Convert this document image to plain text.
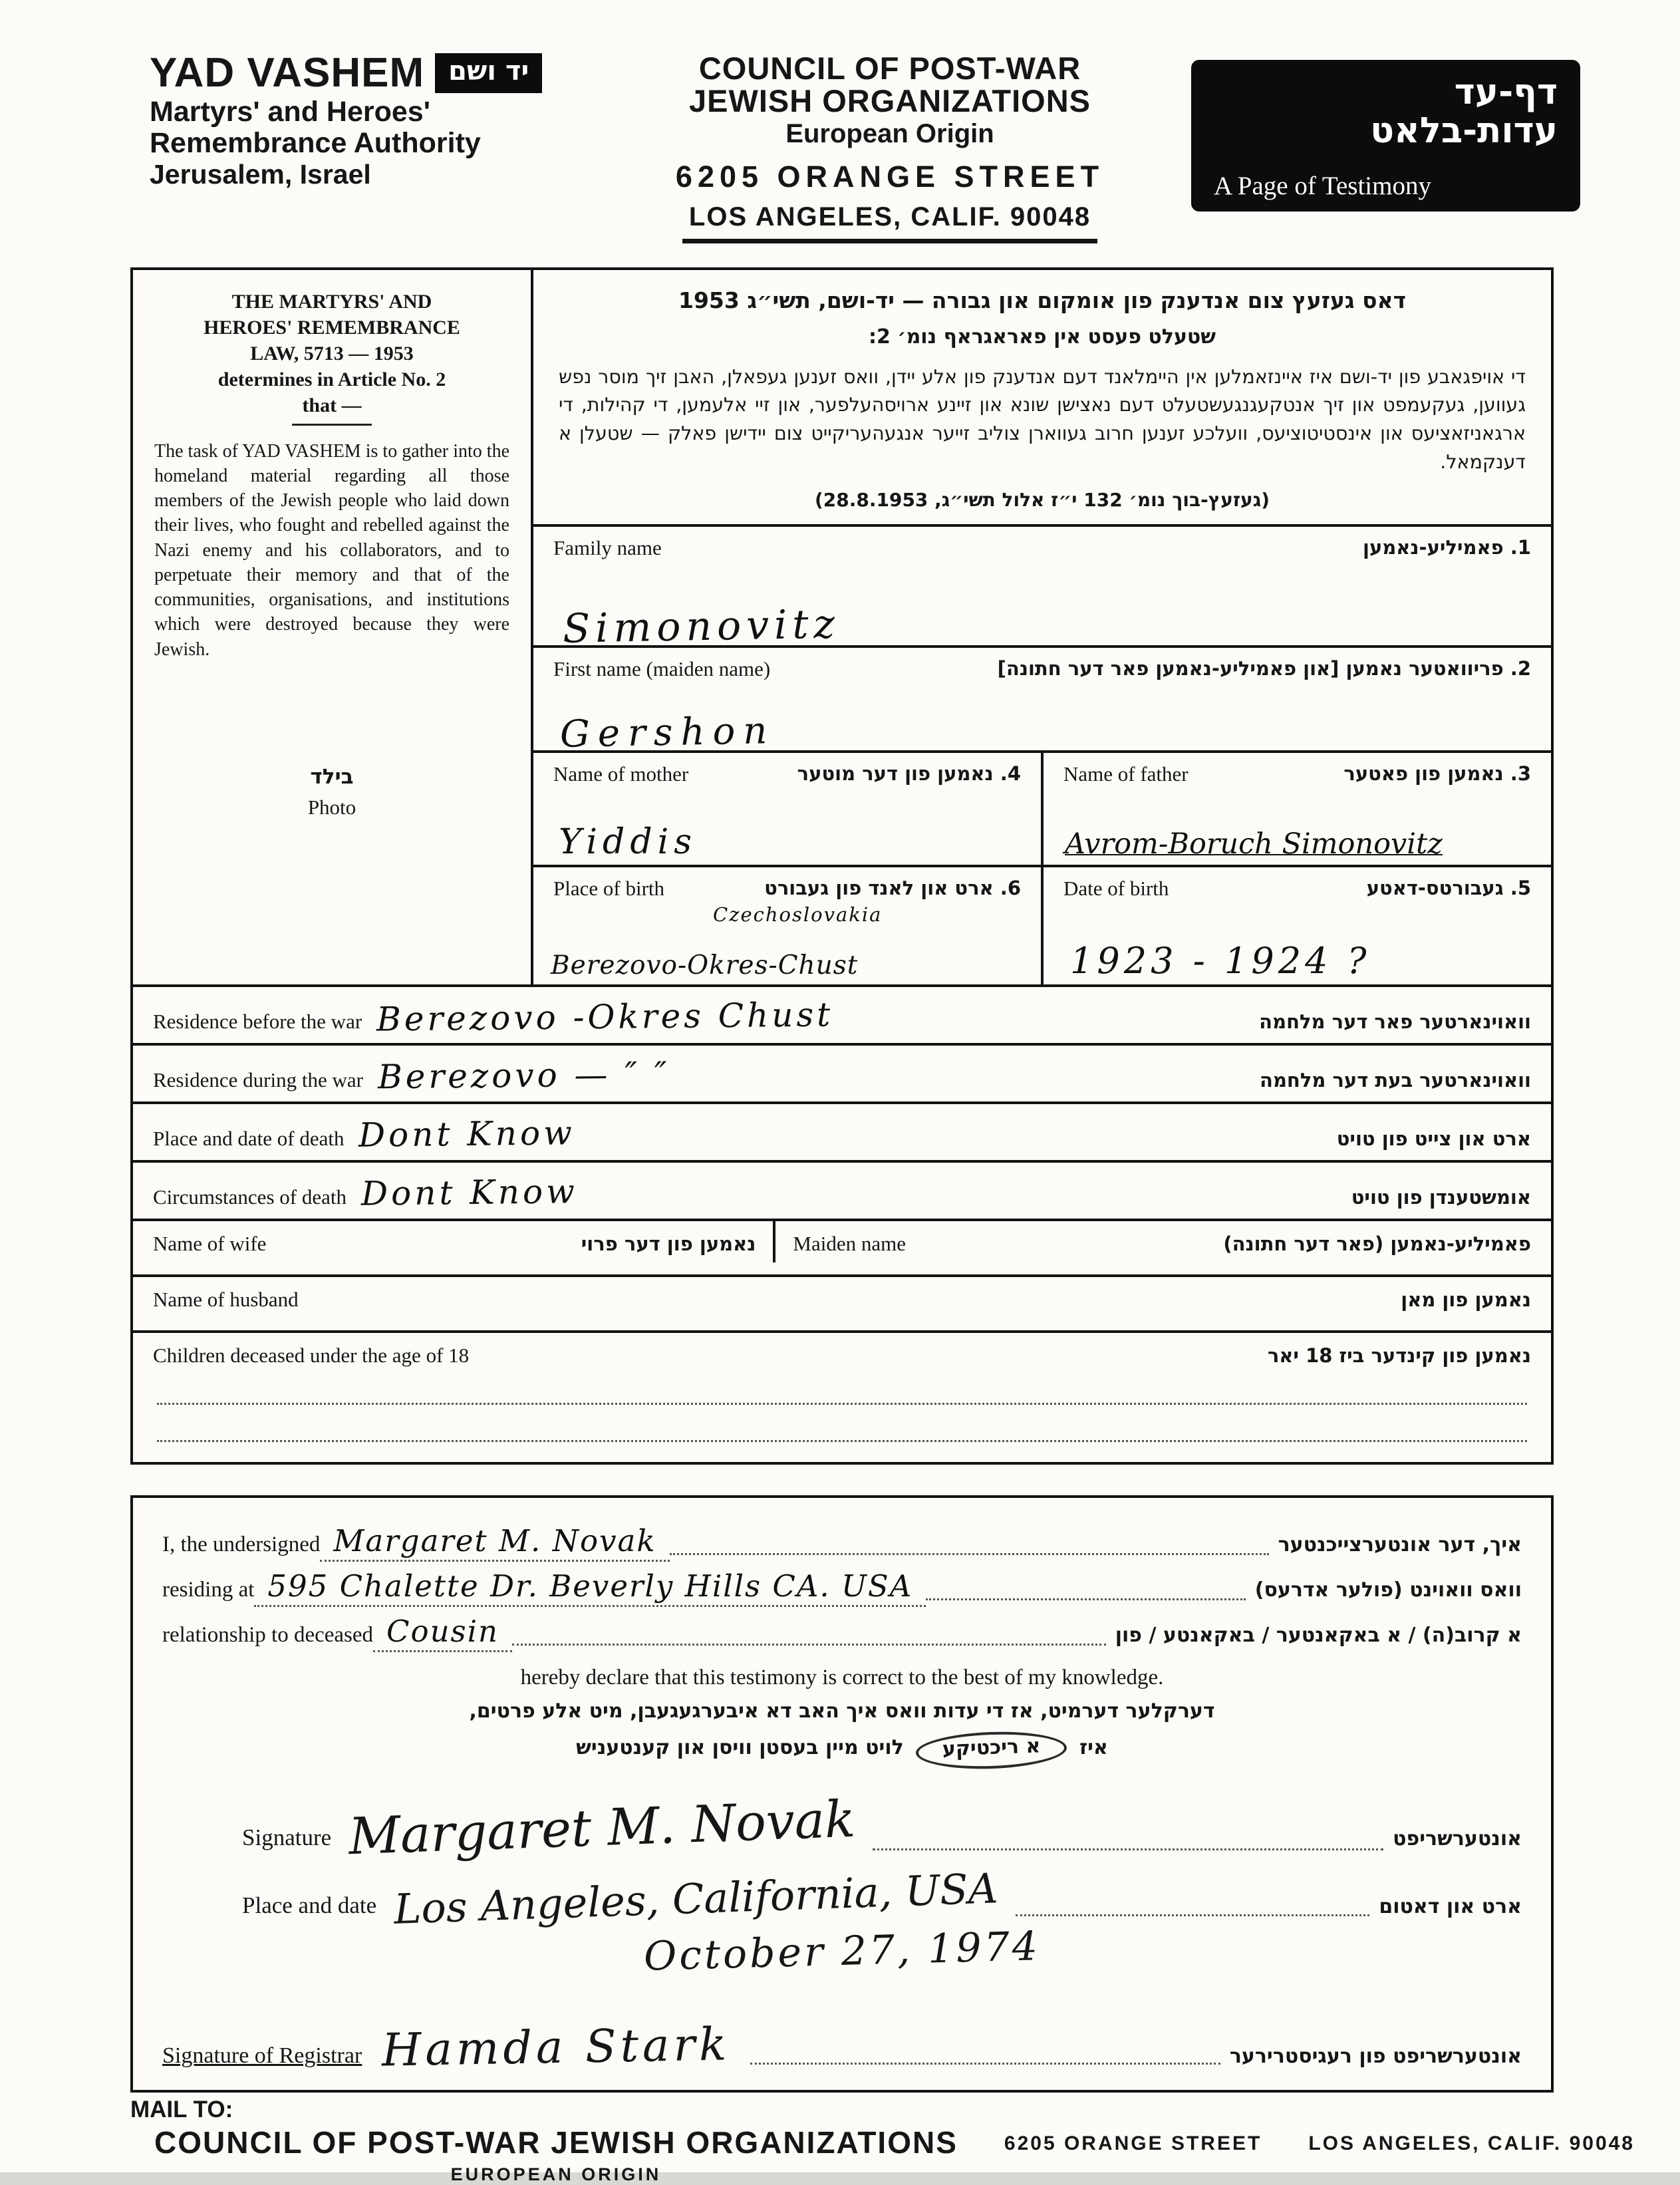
YAD VASHEM יד ושם
Martyrs' and Heroes'
Remembrance Authority
Jerusalem, Israel
COUNCIL OF POST-WAR
JEWISH ORGANIZATIONS
European Origin
6205 ORANGE STREET
LOS ANGELES, CALIF. 90048
דף-עד
עדות-בלאט
A Page of Testimony
THE MARTYRS' AND
HEROES' REMEMBRANCE
LAW, 5713 — 1953
determines in Article No. 2
that —
The task of YAD VASHEM is to gather into the homeland material regarding all those members of the Jewish people who laid down their lives, who fought and rebelled against the Nazi enemy and his collaborators, and to perpetuate their memory and that of the communities, organisations, and institutions which were destroyed because they were Jewish.
בילד
Photo
דאס געזעץ צום אנדענק פון אומקום און גבורה — יד-ושם, תשי״ג 1953
שטעלט פעסט אין פאראגראף נומ׳ 2:
די אויפגאבע פון יד-ושם איז איינזאמלען אין היימלאנד דעם אנדענק פון אלע יידן, וואס זענען געפאלן, האבן זיך מוסר נפש געווען, געקעמפט און זיך אנטקעגנגעשטעלט דעם נאצישן שונא און זיינע ארויסהעלפער, און זיי אלעמען, די קהילות, די ארגאניזאציעס און אינסטיטוציעס, וועלכע זענען חרוב געווארן צוליב זייער אנגעהעריקייט צום יידישן פאלק — שטעלן א דענקמאל.
(געזעץ-בוך נומ׳ 132 י״ז אלול תשי״ג, 28.8.1953)
Family name	1. פאמיליע-נאמען
Simonovitz
First name (maiden name)	2. פריוואטער נאמען [און פאמיליע-נאמען פאר דער חתונה]
Gershon
Name of mother	4. נאמען פון דער מוטער
Yiddis
Name of father	3. נאמען פון פאטער
Avrom-Boruch Simonovitz
Place of birth	6. ארט און לאנד פון געבורט
Czechoslovakia
Berezovo-Okres-Chust
Date of birth	5. געבורטס-דאטע
1923 - 1924 ?
Residence before the war Berezovo -Okres Chust	וואוינארטער פאר דער מלחמה
Residence during the war Berezovo — ″ ″	וואוינארטער בעת דער מלחמה
Place and date of death Dont Know	ארט און צייט פון טויט
Circumstances of death Dont Know	אומשטענדן פון טויט
Name of wife	נאמען פון דער פרוי Maiden name	פאמיליע-נאמען (פאר דער חתונה)
Name of husband	נאמען פון מאן
Children deceased under the age of 18	נאמען פון קינדער ביז 18 יאר
I, the undersigned Margaret M. Novak	איך, דער אונטערצייכנטער
residing at 595 Chalette Dr. Beverly Hills CA. USA	וואס וואוינט (פולער אדרעס)
relationship to deceased Cousin	א קרוב(ה) / א באקאנטער / באקאנטע / פון
hereby declare that this testimony is correct to the best of my knowledge.
דערקלער דערמיט, אז די עדות וואס איך האב דא איבערגעגעבן, מיט אלע פרטים,
איז א ריכטיקע לויט מיין בעסטן וויסן און קענטעניש
Signature Margaret M. Novak	אונטערשריפט
Place and date Los Angeles, California, USA	ארט און דאטום
October 27, 1974
Signature of Registrar Hamda Stark	אונטערשריפט פון רעגיסטרירער
MAIL TO:
COUNCIL OF POST-WAR JEWISH ORGANIZATIONS
EUROPEAN ORIGIN
6205 ORANGE STREET LOS ANGELES, CALIF. 90048
